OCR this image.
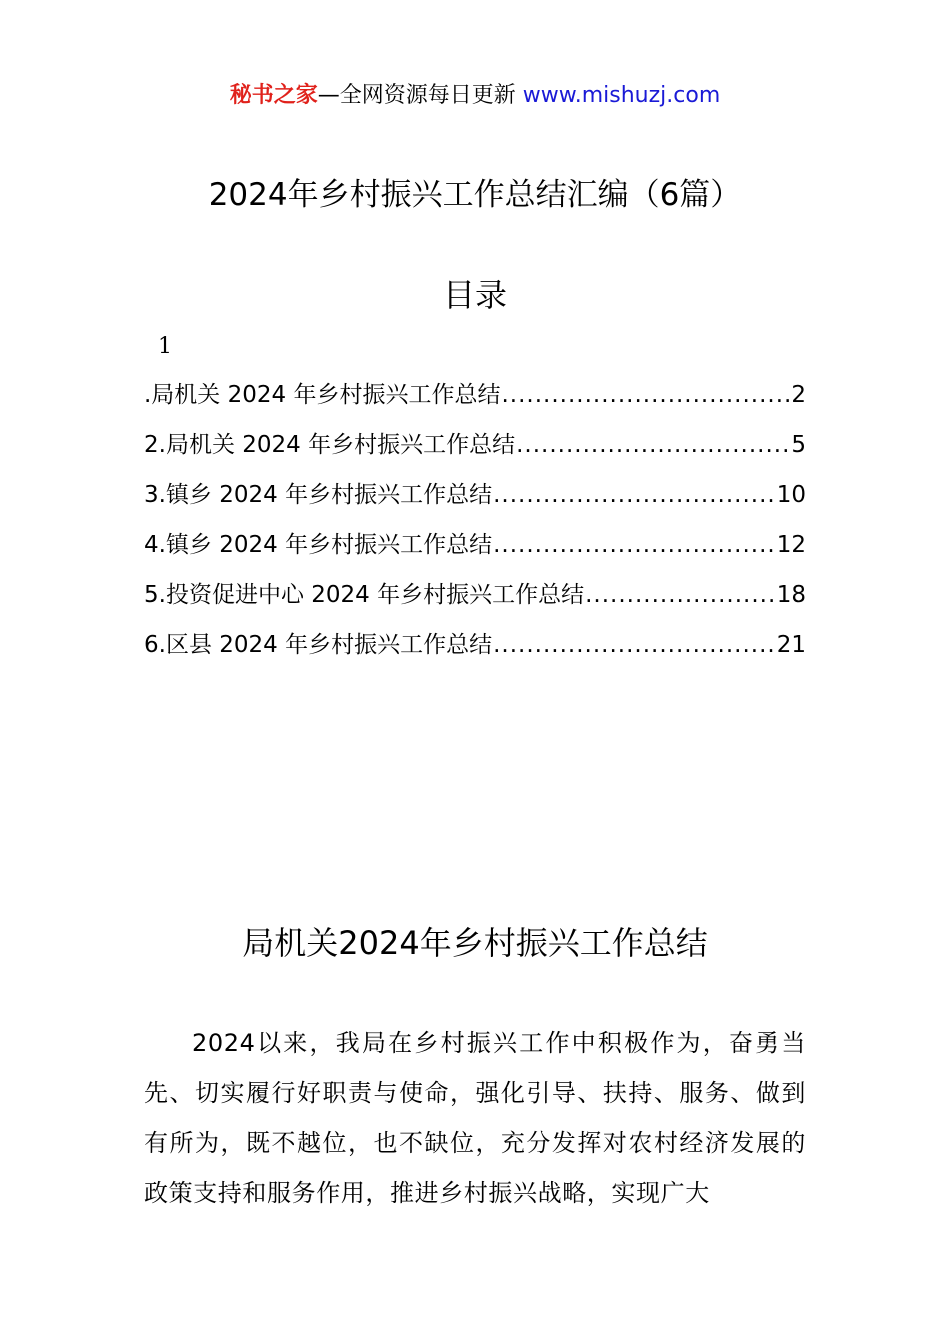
秘书之家—全网资源每日更新 www.mishuzj.com
2024年乡村振兴工作总结汇编（6篇）
目录
1
.局机关 2024 年乡村振兴工作总结 .....	2
2.局机关 2024 年乡村振兴工作总结 .....	5
3.镇乡 2024 年乡村振兴工作总结 .....	10
4.镇乡 2024 年乡村振兴工作总结 .....	12
5.投资促进中心 2024 年乡村振兴工作总结 .....	18
6.区县 2024 年乡村振兴工作总结 .....	21
局机关2024年乡村振兴工作总结

2024以来，我局在乡村振兴工作中积极作为，奋勇当先、切实履行好职责与使命，强化引导、扶持、服务、做到有所为，既不越位，也不缺位，充分发挥对农村经济发展的政策支持和服务作用，推进乡村振兴战略，实现广大
